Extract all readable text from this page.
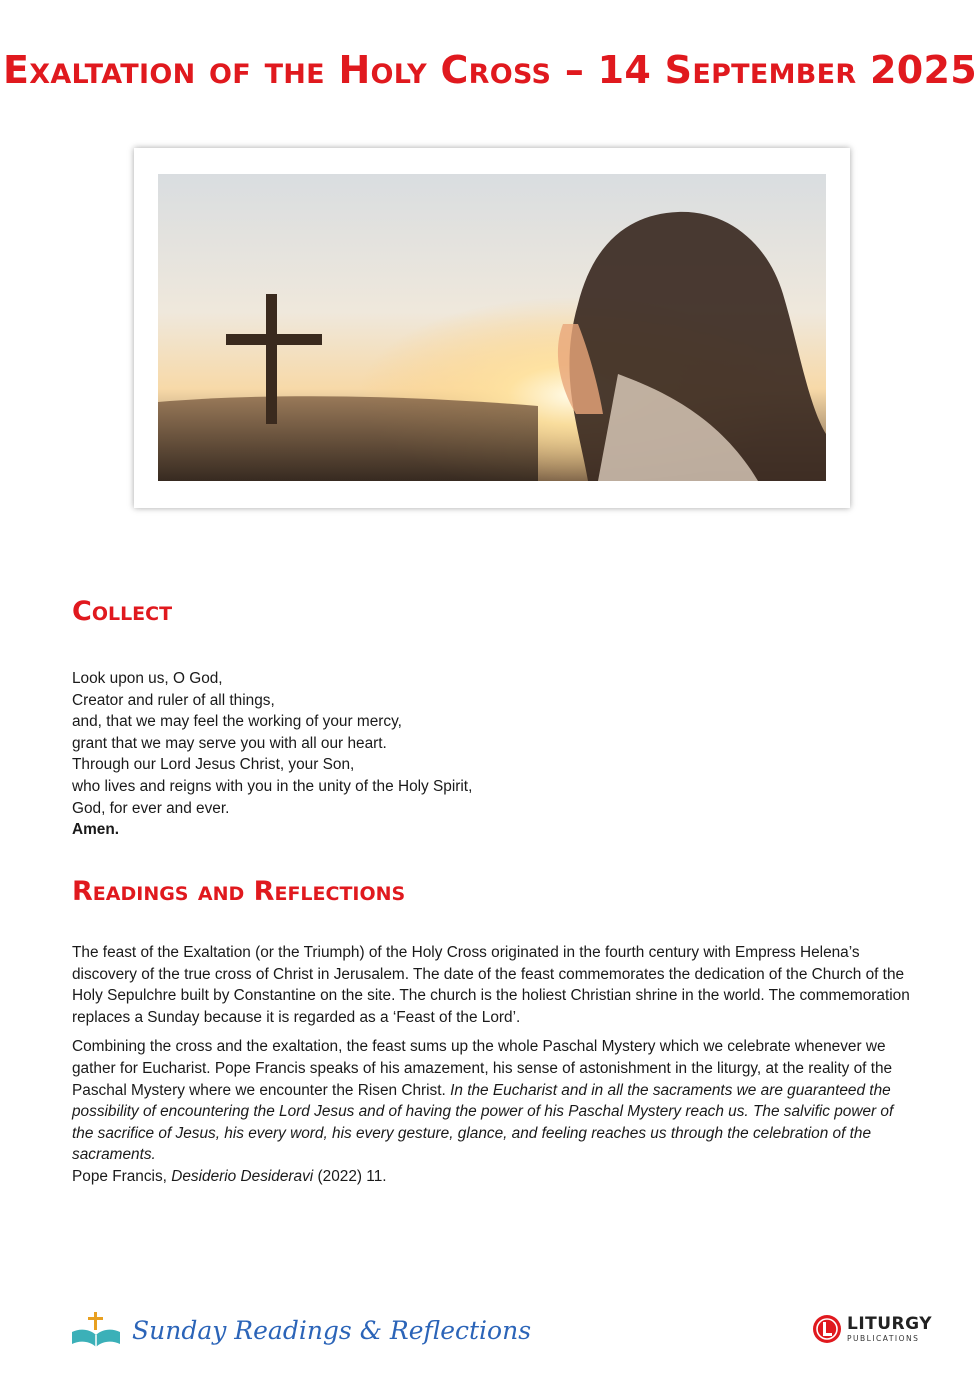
Exaltation of the Holy Cross – 14 September 2025
Collect
Look upon us, O God,
Creator and ruler of all things,
and, that we may feel the working of your mercy,
grant that we may serve you with all our heart.
Through our Lord Jesus Christ, your Son,
who lives and reigns with you in the unity of the Holy Spirit,
God, for ever and ever.
Amen.
Readings and Reflections

The feast of the Exaltation (or the Triumph) of the Holy Cross originated in the fourth century with Empress Helena’s discovery of the true cross of Christ in Jerusalem. The date of the feast commemorates the dedication of the Church of the Holy Sepulchre built by Constantine on the site. The church is the holiest Christian shrine in the world. The commemoration replaces a Sunday because it is regarded as a ‘Feast of the Lord’.

Combining the cross and the exaltation, the feast sums up the whole Paschal Mystery which we celebrate whenever we gather for Eucharist. Pope Francis speaks of his amazement, his sense of astonishment in the liturgy, at the reality of the Paschal Mystery where we encounter the Risen Christ. In the Eucharist and in all the sacraments we are guaranteed the possibility of encountering the Lord Jesus and of having the power of his Paschal Mystery reach us. The salvific power of the sacrifice of Jesus, his every word, his every gesture, glance, and feeling reaches us through the celebration of the sacraments.
Pope Francis, Desiderio Desideravi (2022) 11.

Sunday Readings & Reflections	LITURGY
PUBLICATIONS
